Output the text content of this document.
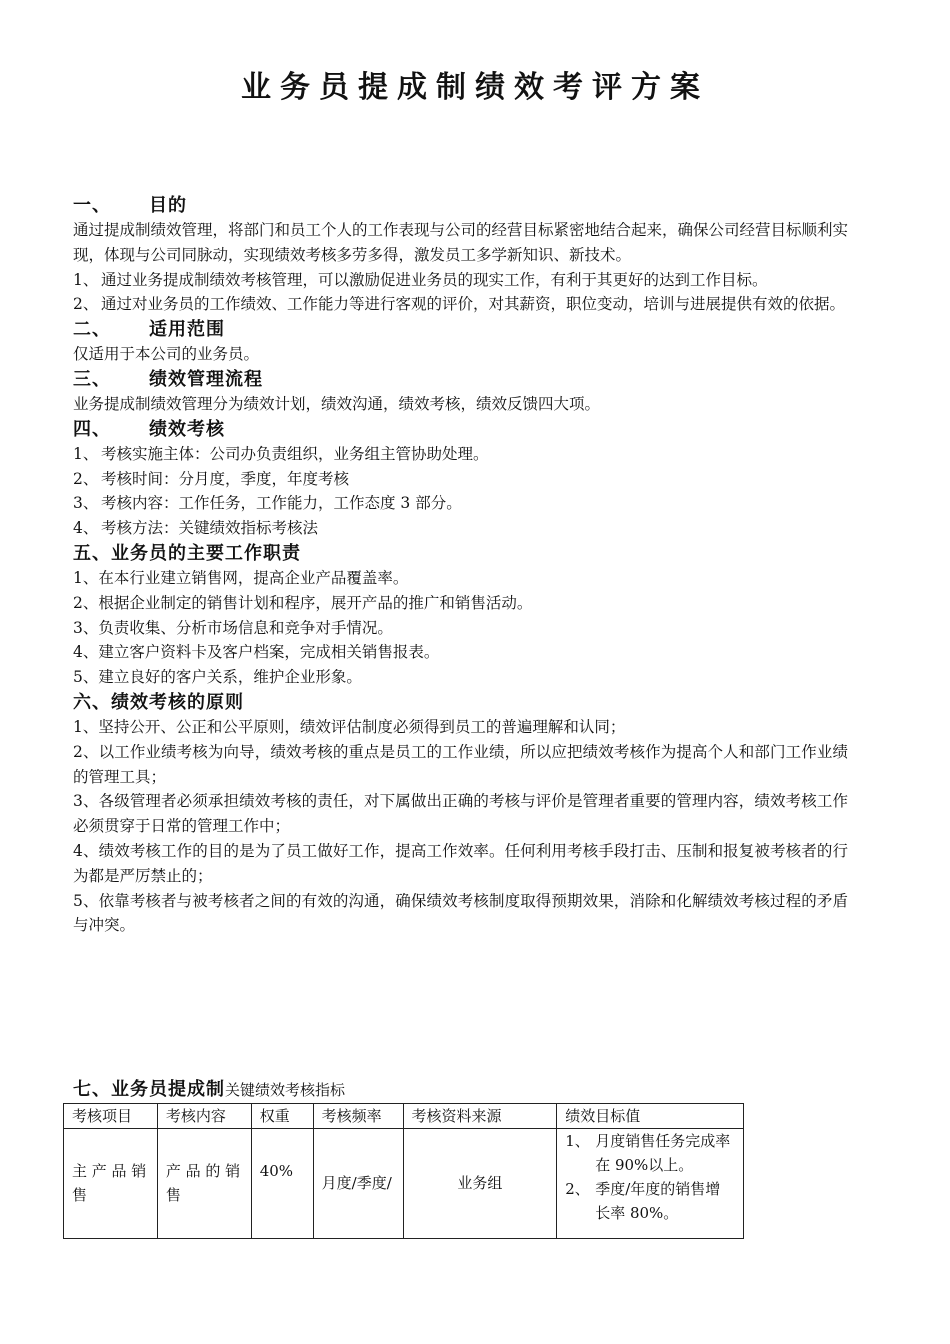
业务员提成制绩效考评方案
一、 目的
通过提成制绩效管理，将部门和员工个人的工作表现与公司的经营目标紧密地结合起来，确保公司经营目标顺利实现，体现与公司同脉动，实现绩效考核多劳多得，激发员工多学新知识、新技术。
1、 通过业务提成制绩效考核管理，可以激励促进业务员的现实工作，有利于其更好的达到工作目标。
2、 通过对业务员的工作绩效、工作能力等进行客观的评价，对其薪资，职位变动，培训与进展提供有效的依据。
二、 适用范围
仅适用于本公司的业务员。
三、 绩效管理流程
业务提成制绩效管理分为绩效计划，绩效沟通，绩效考核，绩效反馈四大项。
四、 绩效考核
1、 考核实施主体：公司办负责组织，业务组主管协助处理。
2、 考核时间：分月度，季度，年度考核
3、 考核内容：工作任务，工作能力，工作态度 3 部分。
4、 考核方法：关键绩效指标考核法
五、业务员的主要工作职责
1、在本行业建立销售网，提高企业产品覆盖率。
2、根据企业制定的销售计划和程序，展开产品的推广和销售活动。
3、负责收集、分析市场信息和竞争对手情况。
4、建立客户资料卡及客户档案，完成相关销售报表。
5、建立良好的客户关系，维护企业形象。
六、绩效考核的原则
1、坚持公开、公正和公平原则，绩效评估制度必须得到员工的普遍理解和认同；
2、以工作业绩考核为向导，绩效考核的重点是员工的工作业绩，所以应把绩效考核作为提高个人和部门工作业绩的管理工具；
3、各级管理者必须承担绩效考核的责任，对下属做出正确的考核与评价是管理者重要的管理内容，绩效考核工作必须贯穿于日常的管理工作中；
4、绩效考核工作的目的是为了员工做好工作，提高工作效率。任何利用考核手段打击、压制和报复被考核者的行为都是严厉禁止的；
5、依靠考核者与被考核者之间的有效的沟通，确保绩效考核制度取得预期效果，消除和化解绩效考核过程的矛盾与冲突。
七、业务员提成制 关键绩效考核指标
考核项目	考核内容	权重	考核频率	考核资料来源	绩效目标值
主 产 品 销 售	产 品 的 销 售	40%	月度/季度/	业务组	1、 月度销售任务完成率在 90%以上。
2、 季度/年度的销售增长率 80%。
